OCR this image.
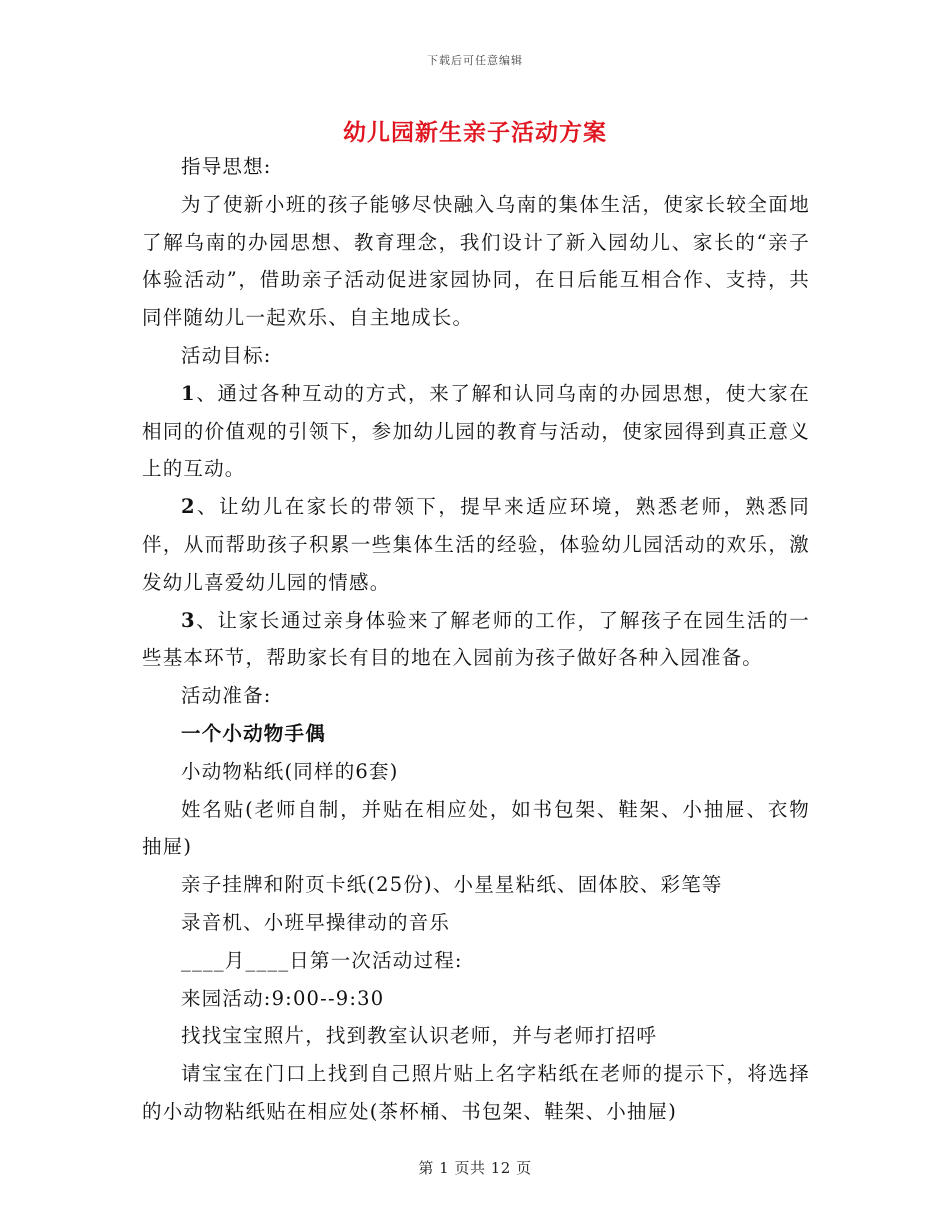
下载后可任意编辑
幼儿园新生亲子活动方案

指导思想:

为了使新小班的孩子能够尽快融入乌南的集体生活，使家长较全面地了解乌南的办园思想、教育理念，我们设计了新入园幼儿、家长的“亲子体验活动”，借助亲子活动促进家园协同，在日后能互相合作、支持，共同伴随幼儿一起欢乐、自主地成长。

活动目标:

1、通过各种互动的方式，来了解和认同乌南的办园思想，使大家在相同的价值观的引领下，参加幼儿园的教育与活动，使家园得到真正意义上的互动。

2、让幼儿在家长的带领下，提早来适应环境，熟悉老师，熟悉同伴，从而帮助孩子积累一些集体生活的经验，体验幼儿园活动的欢乐，激发幼儿喜爱幼儿园的情感。

3、让家长通过亲身体验来了解老师的工作，了解孩子在园生活的一些基本环节，帮助家长有目的地在入园前为孩子做好各种入园准备。

活动准备:

一个小动物手偶

小动物粘纸(同样的6套)

姓名贴(老师自制，并贴在相应处，如书包架、鞋架、小抽屉、衣物抽屉)

亲子挂牌和附页卡纸(25份)、小星星粘纸、固体胶、彩笔等

录音机、小班早操律动的音乐

____月____日第一次活动过程:

来园活动:9:00--9:30

找找宝宝照片，找到教室认识老师，并与老师打招呼

请宝宝在门口上找到自己照片贴上名字粘纸在老师的提示下，将选择的小动物粘纸贴在相应处(茶杯桶、书包架、鞋架、小抽屉)

第 1 页共 12 页
